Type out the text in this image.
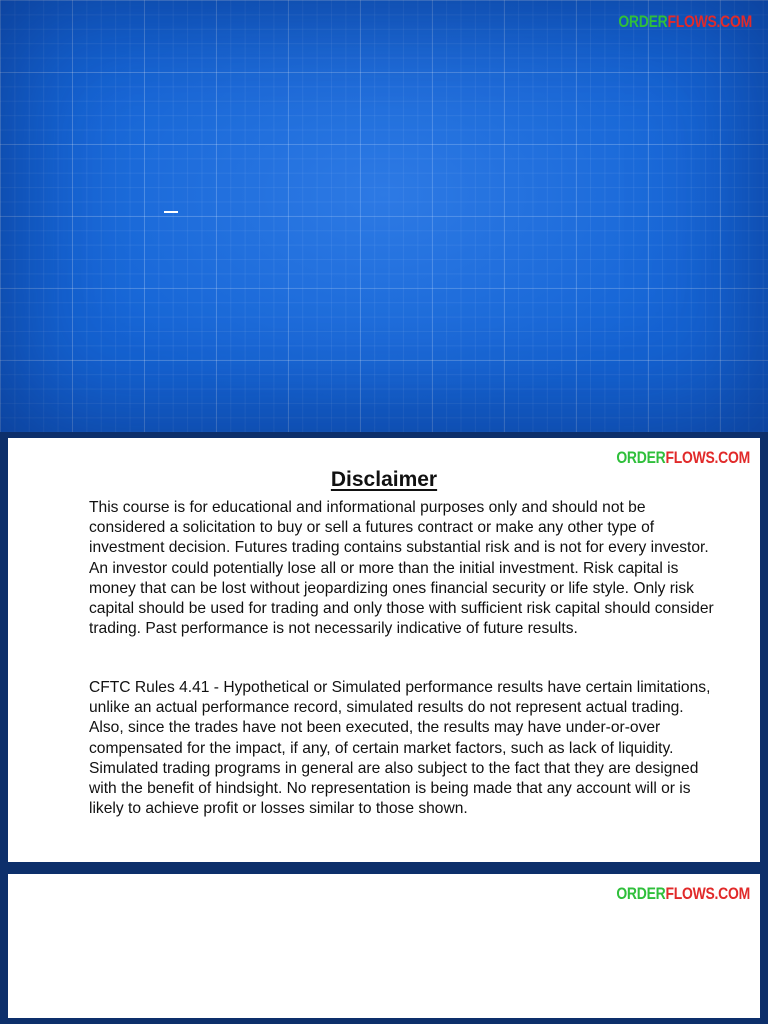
ORDERFLOWS.COM
ORDERFLOWS.COM
Disclaimer

This course is for educational and informational purposes only and should not be considered a solicitation to buy or sell a futures contract or make any other type of investment decision. Futures trading contains substantial risk and is not for every investor. An investor could potentially lose all or more than the initial investment. Risk capital is money that can be lost without jeopardizing ones financial security or life style. Only risk capital should be used for trading and only those with sufficient risk capital should consider trading. Past performance is not necessarily indicative of future results.

CFTC Rules 4.41 - Hypothetical or Simulated performance results have certain limitations, unlike an actual performance record, simulated results do not represent actual trading. Also, since the trades have not been executed, the results may have under-or-over compensated for the impact, if any, of certain market factors, such as lack of liquidity. Simulated trading programs in general are also subject to the fact that they are designed with the benefit of hindsight. No representation is being made that any account will or is likely to achieve profit or losses similar to those shown.

ORDERFLOWS.COM
